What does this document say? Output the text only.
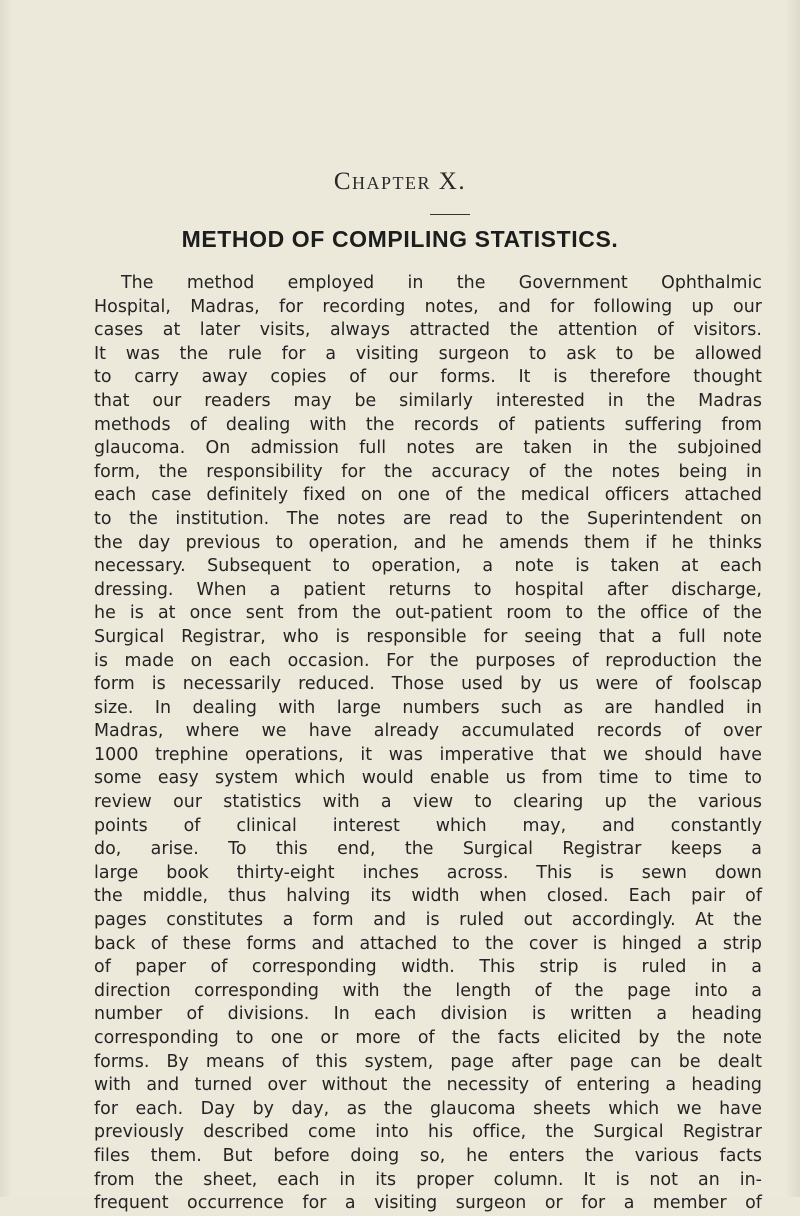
Chapter X.
METHOD OF COMPILING STATISTICS.
The method employed in the Government Ophthalmic
Hospital, Madras, for recording notes, and for following up our
cases at later visits, always attracted the attention of visitors.
It was the rule for a visiting surgeon to ask to be allowed
to carry away copies of our forms. It is therefore thought
that our readers may be similarly interested in the Madras
methods of dealing with the records of patients suffering from
glaucoma. On admission full notes are taken in the subjoined
form, the responsibility for the accuracy of the notes being in
each case definitely fixed on one of the medical officers attached
to the institution. The notes are read to the Superintendent on
the day previous to operation, and he amends them if he thinks
necessary. Subsequent to operation, a note is taken at each
dressing. When a patient returns to hospital after discharge,
he is at once sent from the out-patient room to the office of the
Surgical Registrar, who is responsible for seeing that a full note
is made on each occasion. For the purposes of reproduction the
form is necessarily reduced. Those used by us were of foolscap
size. In dealing with large numbers such as are handled in
Madras, where we have already accumulated records of over
1000 trephine operations, it was imperative that we should have
some easy system which would enable us from time to time to
review our statistics with a view to clearing up the various
points of clinical interest which may, and constantly
do, arise. To this end, the Surgical Registrar keeps a
large book thirty-eight inches across. This is sewn down
the middle, thus halving its width when closed. Each pair of
pages constitutes a form and is ruled out accordingly. At the
back of these forms and attached to the cover is hinged a strip
of paper of corresponding width. This strip is ruled in a
direction corresponding with the length of the page into a
number of divisions. In each division is written a heading
corresponding to one or more of the facts elicited by the note
forms. By means of this system, page after page can be dealt
with and turned over without the necessity of entering a heading
for each. Day by day, as the glaucoma sheets which we have
previously described come into his office, the Surgical Registrar
files them. But before doing so, he enters the various facts
from the sheet, each in its proper column. It is not an in-
frequent occurrence for a visiting surgeon or for a member of
